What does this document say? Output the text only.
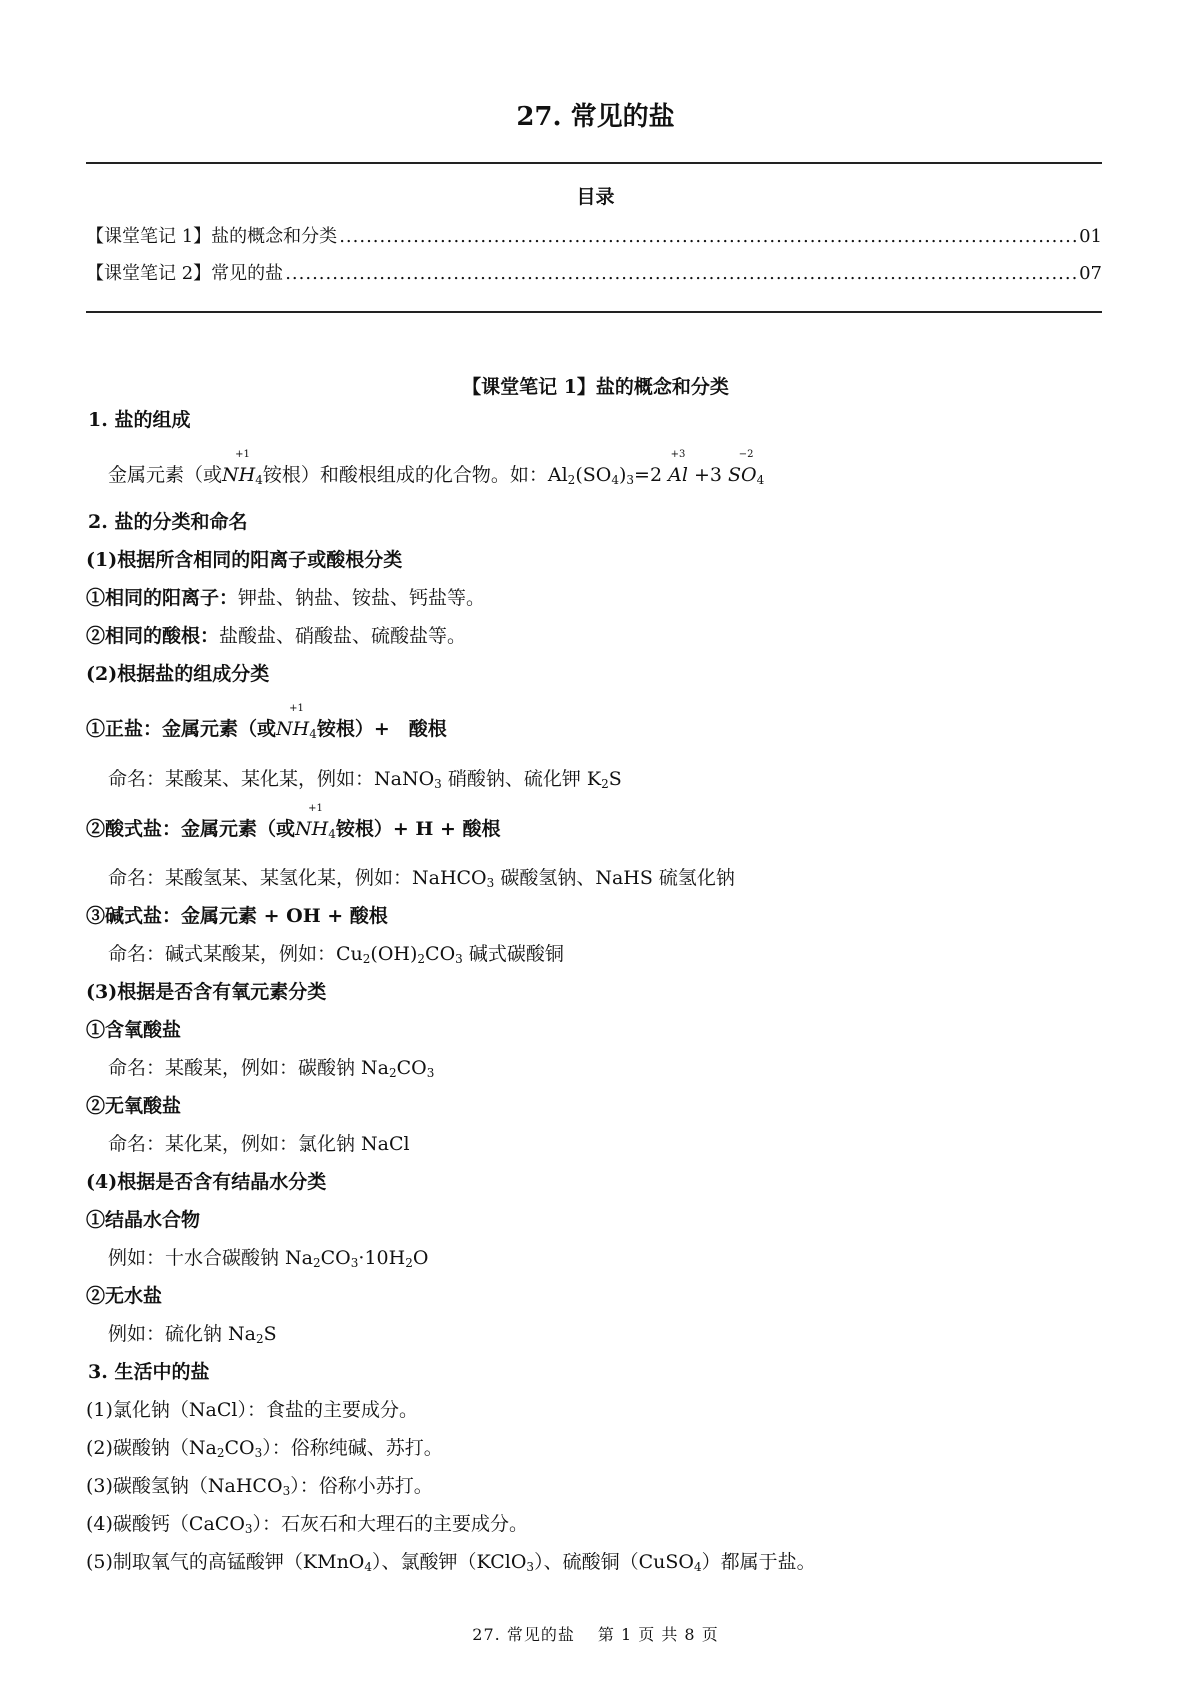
27. 常见的盐
目录
【课堂笔记 1】盐的概念和分类 .....	01
【课堂笔记 2】常见的盐 .....	07
【课堂笔记 1】盐的概念和分类
1. 盐的组成
金属元素（或
+1
$NH_4$铵根）和酸根组成的化合物。如：$Al_2(SO_4)_3=2$
+3
Al +3
−2
$SO_4$
2. 盐的分类和命名
(1)根据所含相同的阳离子或酸根分类
①相同的阳离子：钾盐、钠盐、铵盐、钙盐等。
②相同的酸根：盐酸盐、硝酸盐、硫酸盐等。
(2)根据盐的组成分类
①正盐：金属元素（或
+1
$NH_4$铵根）+　酸根
命名：某酸某、某化某，例如：NaNO$_3$ 硝酸钠、硫化钾 $K_2S$
②酸式盐：金属元素（或
+1
$NH_4$铵根）+ H + 酸根
命名：某酸氢某、某氢化某，例如：NaHCO$_3$ 碳酸氢钠、NaHS 硫氢化钠
③碱式盐：金属元素 + OH + 酸根
命名：碱式某酸某，例如：$Cu_2(OH)_2CO_3$ 碱式碳酸铜
(3)根据是否含有氧元素分类
①含氧酸盐
命名：某酸某，例如：碳酸钠 $Na_2CO_3$
②无氧酸盐
命名：某化某，例如：氯化钠 NaCl
(4)根据是否含有结晶水分类
①结晶水合物
例如：十水合碳酸钠 $Na_2CO_3\cdot 10H_2O$
②无水盐
例如：硫化钠 $Na_2S$
3. 生活中的盐
(1)氯化钠（NaCl）：食盐的主要成分。
(2)碳酸钠$(Na_2CO_3)$：俗称纯碱、苏打。
(3)碳酸氢钠（NaHCO$_3$）：俗称小苏打。
(4)碳酸钙（CaCO$_3$）：石灰石和大理石的主要成分。
(5)制取氧气的高锰酸钾（KMnO$_4$）、氯酸钾（KClO$_3$）、硫酸铜（CuSO$_4$）都属于盐。
27. 常见的盐　 第 1 页 共 8 页
